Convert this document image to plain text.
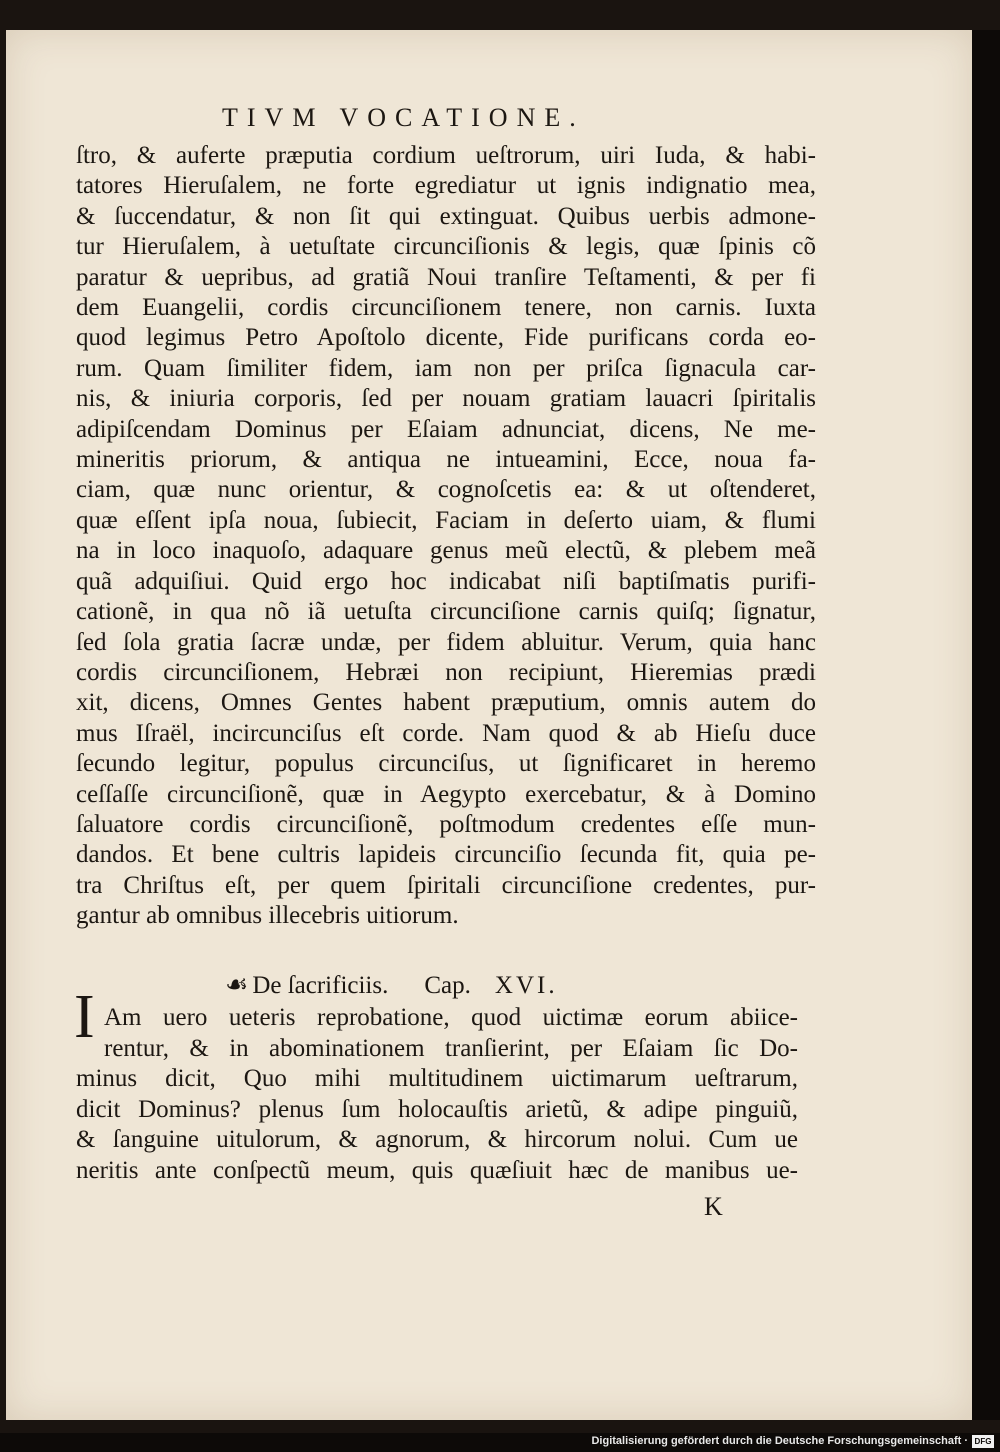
TIVM VOCATIONE.
ſtro, & auferte præputia cordium ueſtrorum, uiri Iuda, & habi-
tatores Hieruſalem, ne forte egrediatur ut ignis indignatio mea,
& ſuccendatur, & non ſit qui extinguat. Quibus uerbis admone-
tur Hieruſalem, à uetuſtate circunciſionis & legis, quæ ſpinis cõ
paratur & uepribus, ad gratiã Noui tranſire Teſtamenti, & per fi
dem Euangelii, cordis circunciſionem tenere, non carnis. Iuxta
quod legimus Petro Apoſtolo dicente, Fide purificans corda eo-
rum. Quam ſimiliter fidem, iam non per priſca ſignacula car-
nis, & iniuria corporis, ſed per nouam gratiam lauacri ſpiritalis
adipiſcendam Dominus per Eſaiam adnunciat, dicens, Ne me-
mineritis priorum, & antiqua ne intueamini, Ecce, noua fa-
ciam, quæ nunc orientur, & cognoſcetis ea: & ut oſtenderet,
quæ eſſent ipſa noua, ſubiecit, Faciam in deſerto uiam, & flumi
na in loco inaquoſo, adaquare genus meũ electũ, & plebem meã
quã adquiſiui. Quid ergo hoc indicabat niſi baptiſmatis purifi-
cationẽ, in qua nõ iã uetuſta circunciſione carnis quiſq; ſignatur,
ſed ſola gratia ſacræ undæ, per fidem abluitur. Verum, quia hanc
cordis circunciſionem, Hebræi non recipiunt, Hieremias prædi
xit, dicens, Omnes Gentes habent præputium, omnis autem do
mus Iſraël, incircunciſus eſt corde. Nam quod & ab Hieſu duce
ſecundo legitur, populus circunciſus, ut ſignificaret in heremo
ceſſaſſe circunciſionẽ, quæ in Aegypto exercebatur, & à Domino
ſaluatore cordis circunciſionẽ, poſtmodum credentes eſſe mun-
dandos. Et bene cultris lapideis circunciſio ſecunda fit, quia pe-
tra Chriſtus eſt, per quem ſpiritali circunciſione credentes, pur-
gantur ab omnibus illecebris uitiorum.
☙ De ſacrificiis. Cap. XVI.
I Am uero ueteris reprobatione, quod uictimæ eorum abiice-
rentur, & in abominationem tranſierint, per Eſaiam ſic Do-
minus dicit, Quo mihi multitudinem uictimarum ueſtrarum,
dicit Dominus? plenus ſum holocauſtis arietũ, & adipe pinguiũ,
& ſanguine uitulorum, & agnorum, & hircorum nolui. Cum ue
neritis ante conſpectũ meum, quis quæſiuit hæc de manibus ue-
K
Digitalisierung gefördert durch die Deutsche Forschungsgemeinschaft · DFG
